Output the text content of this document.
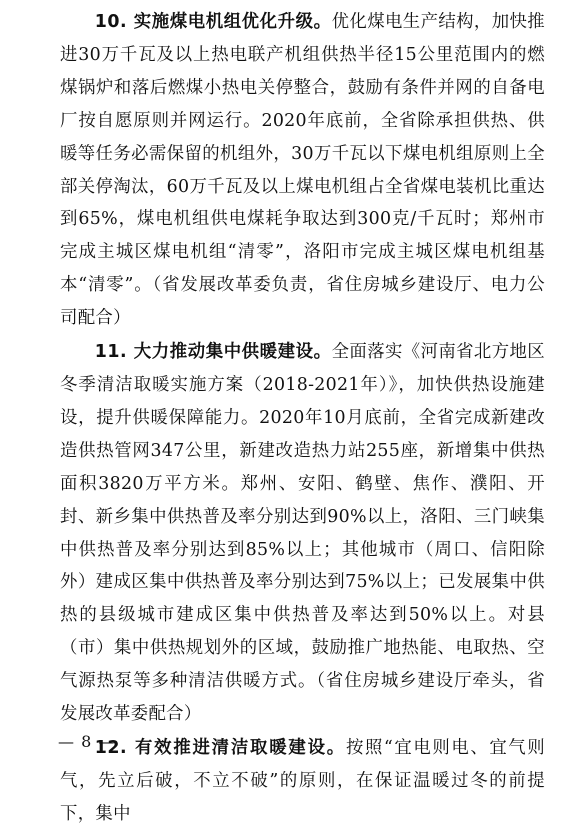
10. 实施煤电机组优化升级。优化煤电生产结构，加快推进30万千瓦及以上热电联产机组供热半径15公里范围内的燃煤锅炉和落后燃煤小热电关停整合，鼓励有条件并网的自备电厂按自愿原则并网运行。2020年底前，全省除承担供热、供暖等任务必需保留的机组外，30万千瓦以下煤电机组原则上全部关停淘汰，60万千瓦及以上煤电机组占全省煤电装机比重达到65%，煤电机组供电煤耗争取达到300克/千瓦时；郑州市完成主城区煤电机组“清零”，洛阳市完成主城区煤电机组基本“清零”。（省发展改革委负责，省住房城乡建设厅、电力公司配合）

11. 大力推动集中供暖建设。全面落实《河南省北方地区冬季清洁取暖实施方案（2018-2021年）》，加快供热设施建设，提升供暖保障能力。2020年10月底前，全省完成新建改造供热管网347公里，新建改造热力站255座，新增集中供热面积3820万平方米。郑州、安阳、鹤壁、焦作、濮阳、开封、新乡集中供热普及率分别达到90%以上，洛阳、三门峡集中供热普及率分别达到85%以上；其他城市（周口、信阳除外）建成区集中供热普及率分别达到75%以上；已发展集中供热的县级城市建成区集中供热普及率达到50%以上。对县（市）集中供热规划外的区域，鼓励推广地热能、电取热、空气源热泵等多种清洁供暖方式。（省住房城乡建设厅牵头，省发展改革委配合）

12. 有效推进清洁取暖建设。按照“宜电则电、宜气则气，先立后破，不立不破”的原则，在保证温暖过冬的前提下，集中

— 8 —
